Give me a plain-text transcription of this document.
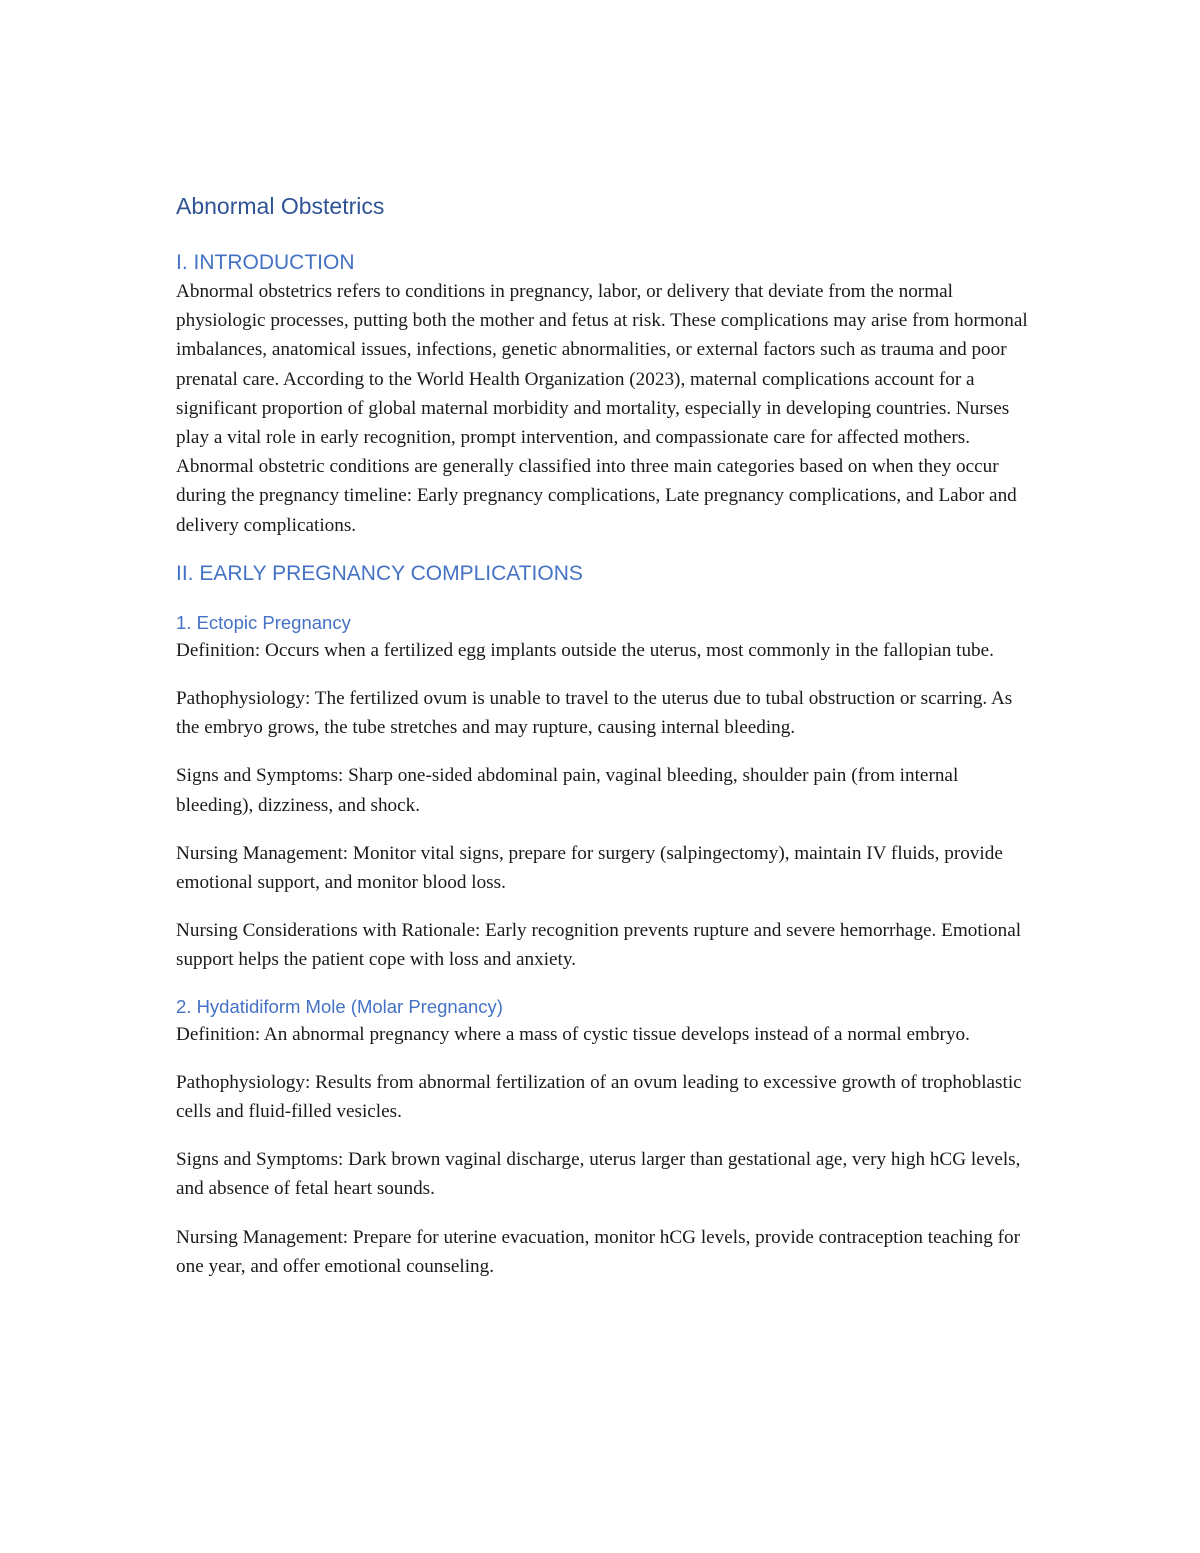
Abnormal Obstetrics
I. INTRODUCTION

Abnormal obstetrics refers to conditions in pregnancy, labor, or delivery that deviate from the normal physiologic processes, putting both the mother and fetus at risk. These complications may arise from hormonal imbalances, anatomical issues, infections, genetic abnormalities, or external factors such as trauma and poor prenatal care. According to the World Health Organization (2023), maternal complications account for a significant proportion of global maternal morbidity and mortality, especially in developing countries. Nurses play a vital role in early recognition, prompt intervention, and compassionate care for affected mothers. Abnormal obstetric conditions are generally classified into three main categories based on when they occur during the pregnancy timeline: Early pregnancy complications, Late pregnancy complications, and Labor and delivery complications.

II. EARLY PREGNANCY COMPLICATIONS
1. Ectopic Pregnancy

Definition: Occurs when a fertilized egg implants outside the uterus, most commonly in the fallopian tube.

Pathophysiology: The fertilized ovum is unable to travel to the uterus due to tubal obstruction or scarring. As the embryo grows, the tube stretches and may rupture, causing internal bleeding.

Signs and Symptoms: Sharp one-sided abdominal pain, vaginal bleeding, shoulder pain (from internal bleeding), dizziness, and shock.

Nursing Management: Monitor vital signs, prepare for surgery (salpingectomy), maintain IV fluids, provide emotional support, and monitor blood loss.

Nursing Considerations with Rationale: Early recognition prevents rupture and severe hemorrhage. Emotional support helps the patient cope with loss and anxiety.

2. Hydatidiform Mole (Molar Pregnancy)

Definition: An abnormal pregnancy where a mass of cystic tissue develops instead of a normal embryo.

Pathophysiology: Results from abnormal fertilization of an ovum leading to excessive growth of trophoblastic cells and fluid-filled vesicles.

Signs and Symptoms: Dark brown vaginal discharge, uterus larger than gestational age, very high hCG levels, and absence of fetal heart sounds.

Nursing Management: Prepare for uterine evacuation, monitor hCG levels, provide contraception teaching for one year, and offer emotional counseling.
